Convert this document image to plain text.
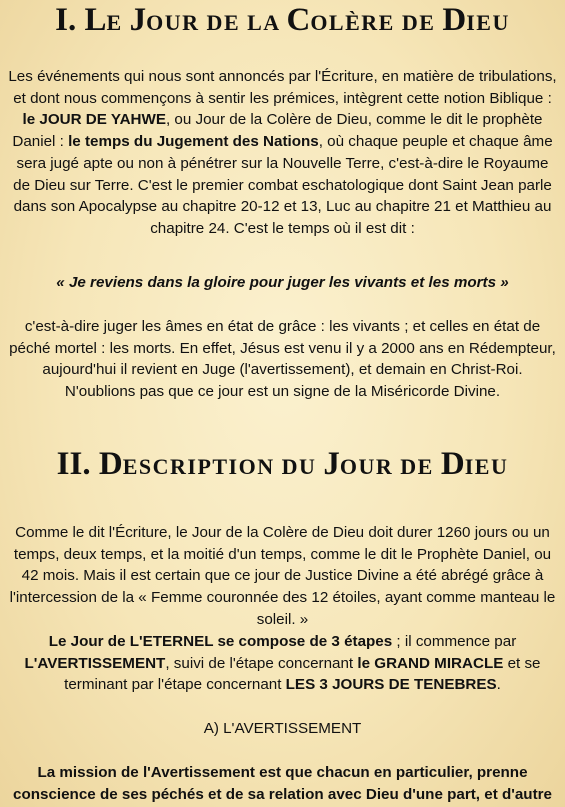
I. LE JOUR DE LA COLÈRE DE DIEU

Les événements qui nous sont annoncés par l'Écriture, en matière de tribulations, et dont nous commençons à sentir les prémices, intègrent cette notion Biblique : le JOUR DE YAHWE, ou Jour de la Colère de Dieu, comme le dit le prophète Daniel : le temps du Jugement des Nations, où chaque peuple et chaque âme sera jugé apte ou non à pénétrer sur la Nouvelle Terre, c'est-à-dire le Royaume de Dieu sur Terre. C'est le premier combat eschatologique dont Saint Jean parle dans son Apocalypse au chapitre 20-12 et 13, Luc au chapitre 21 et Matthieu au chapitre 24. C'est le temps où il est dit :

« Je reviens dans la gloire pour juger les vivants et les morts »

c'est-à-dire juger les âmes en état de grâce : les vivants ; et celles en état de péché mortel : les morts. En effet, Jésus est venu il y a 2000 ans en Rédempteur, aujourd'hui il revient en Juge (l'avertissement), et demain en Christ-Roi. N'oublions pas que ce jour est un signe de la Miséricorde Divine.

II. DESCRIPTION DU JOUR DE DIEU

Comme le dit l'Écriture, le Jour de la Colère de Dieu doit durer 1260 jours ou un temps, deux temps, et la moitié d'un temps, comme le dit le Prophète Daniel, ou 42 mois. Mais il est certain que ce jour de Justice Divine a été abrégé grâce à l'intercession de la « Femme couronnée des 12 étoiles, ayant comme manteau le soleil. »

Le Jour de L'ETERNEL se compose de 3 étapes ; il commence par L'AVERTISSEMENT, suivi de l'étape concernant le GRAND MIRACLE et se terminant par l'étape concernant LES 3 JOURS DE TENEBRES.

A) L'AVERTISSEMENT

La mission de l'Avertissement est que chacun en particulier, prenne conscience de ses péchés et de sa relation avec Dieu d'une part, et d'autre
